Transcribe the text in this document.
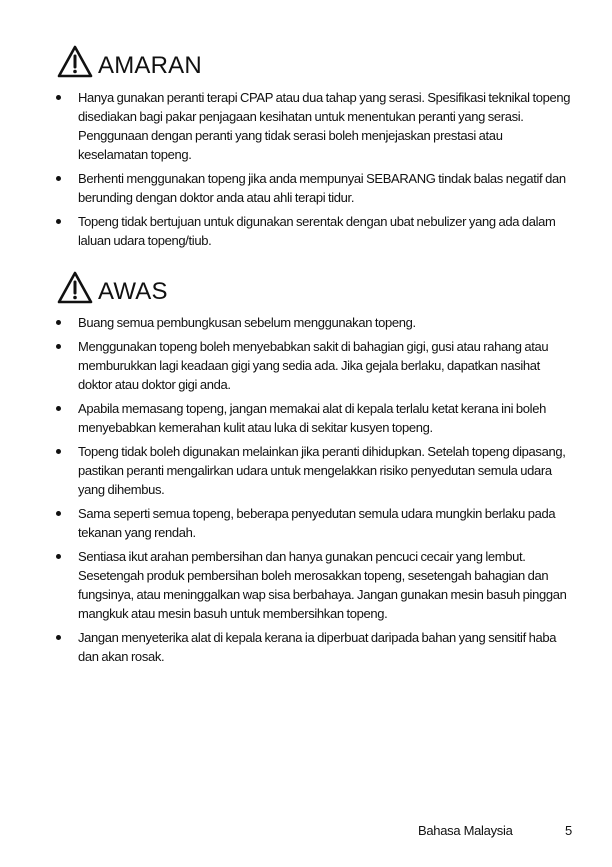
AMARAN
Hanya gunakan peranti terapi CPAP atau dua tahap yang serasi. Spesifikasi teknikal topeng disediakan bagi pakar penjagaan kesihatan untuk menentukan peranti yang serasi. Penggunaan dengan peranti yang tidak serasi boleh menjejaskan prestasi atau keselamatan topeng.
Berhenti menggunakan topeng jika anda mempunyai SEBARANG tindak balas negatif dan berunding dengan doktor anda atau ahli terapi tidur.
Topeng tidak bertujuan untuk digunakan serentak dengan ubat nebulizer yang ada dalam laluan udara topeng/tiub.
AWAS
Buang semua pembungkusan sebelum menggunakan topeng.
Menggunakan topeng boleh menyebabkan sakit di bahagian gigi, gusi atau rahang atau memburukkan lagi keadaan gigi yang sedia ada. Jika gejala berlaku, dapatkan nasihat doktor atau doktor gigi anda.
Apabila memasang topeng, jangan memakai alat di kepala terlalu ketat kerana ini boleh menyebabkan kemerahan kulit atau luka di sekitar kusyen topeng.
Topeng tidak boleh digunakan melainkan jika peranti dihidupkan. Setelah topeng dipasang, pastikan peranti mengalirkan udara untuk mengelakkan risiko penyedutan semula udara yang dihembus.
Sama seperti semua topeng, beberapa penyedutan semula udara mungkin berlaku pada tekanan yang rendah.
Sentiasa ikut arahan pembersihan dan hanya gunakan pencuci cecair yang lembut. Sesetengah produk pembersihan boleh merosakkan topeng, sesetengah bahagian dan fungsinya, atau meninggalkan wap sisa berbahaya. Jangan gunakan mesin basuh pinggan mangkuk atau mesin basuh untuk membersihkan topeng.
Jangan menyeterika alat di kepala kerana ia diperbuat daripada bahan yang sensitif haba dan akan rosak.
Bahasa Malaysia	5
